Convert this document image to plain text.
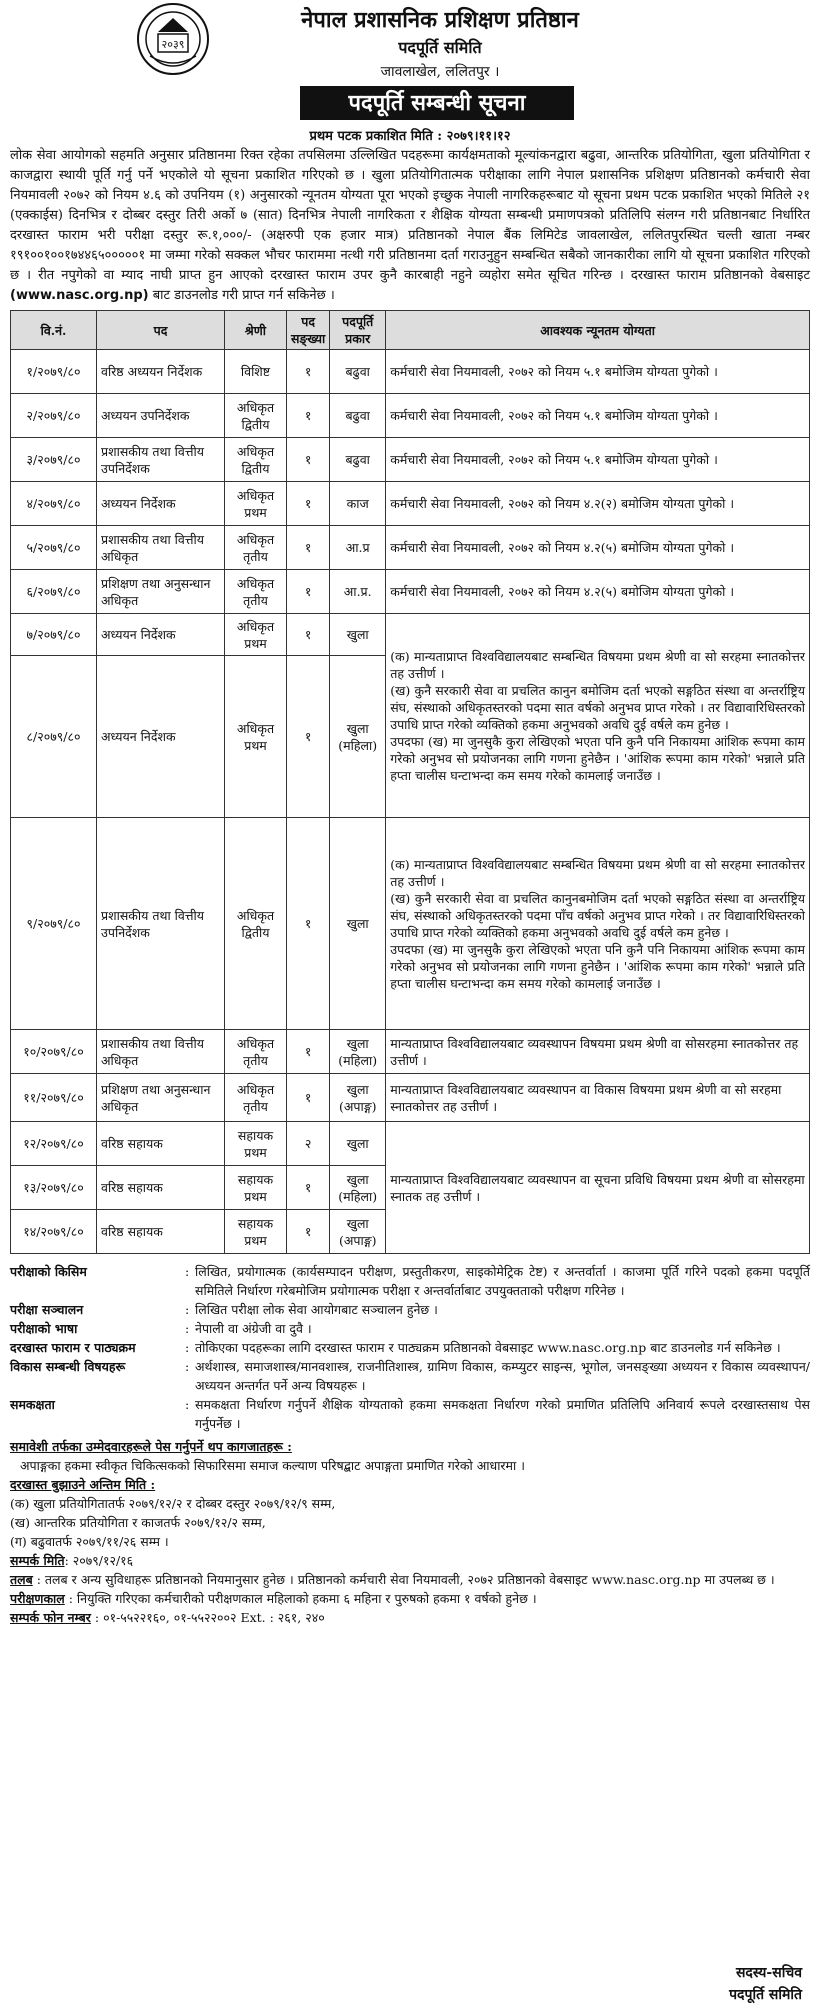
२०३९
नेपाल प्रशासनिक प्रशिक्षण प्रतिष्ठान
पदपूर्ति समिति
जावलाखेल, ललितपुर ।
पदपूर्ति सम्बन्धी सूचना
प्रथम पटक प्रकाशित मिति : २०७९।११।१२

लोक सेवा आयोगको सहमति अनुसार प्रतिष्ठानमा रिक्त रहेका तपसिलमा उल्लिखित पदहरूमा कार्यक्षमताको मूल्यांकनद्वारा बढुवा, आन्तरिक प्रतियोगिता, खुला प्रतियोगिता र काजद्वारा स्थायी पूर्ति गर्नु पर्ने भएकोले यो सूचना प्रकाशित गरिएको छ । खुला प्रतियोगितात्मक परीक्षाका लागि नेपाल प्रशासनिक प्रशिक्षण प्रतिष्ठानको कर्मचारी सेवा नियमावली २०७२ को नियम ४.६ को उपनियम (१) अनुसारको न्यूनतम योग्यता पूरा भएको इच्छुक नेपाली नागरिकहरूबाट यो सूचना प्रथम पटक प्रकाशित भएको मितिले २१ (एक्काईस) दिनभित्र र दोब्बर दस्तुर तिरी अर्को ७ (सात) दिनभित्र नेपाली नागरिकता र शैक्षिक योग्यता सम्बन्धी प्रमाणपत्रको प्रतिलिपि संलग्न गरी प्रतिष्ठानबाट निर्धारित दरखास्त फाराम भरी परीक्षा दस्तुर रू.१,०००/- (अक्षरुपी एक हजार मात्र) प्रतिष्ठानको नेपाल बैंक लिमिटेड जावलाखेल, ललितपुरस्थित चल्ती खाता नम्बर १९१००१००१७४४६५०००००१ मा जम्मा गरेको सक्कल भौचर फाराममा नत्थी गरी प्रतिष्ठानमा दर्ता गराउनुहुन सम्बन्धित सबैको जानकारीका लागि यो सूचना प्रकाशित गरिएको छ । रीत नपुगेको वा म्याद नाघी प्राप्त हुन आएको दरखास्त फाराम उपर कुनै कारबाही नहुने व्यहोरा समेत सूचित गरिन्छ । दरखास्त फाराम प्रतिष्ठानको वेबसाइट (www.nasc.org.np) बाट डाउनलोड गरी प्राप्त गर्न सकिनेछ ।

वि.नं.	पद	श्रेणी	पद सङ्ख्या	पदपूर्ति प्रकार	आवश्यक न्यूनतम योग्यता
१/२०७९/८०	वरिष्ठ अध्ययन निर्देशक	विशिष्ट	१	बढुवा	कर्मचारी सेवा नियमावली, २०७२ को नियम ५.१ बमोजिम योग्यता पुगेको ।
२/२०७९/८०	अध्ययन उपनिर्देशक	अधिकृत द्वितीय	१	बढुवा	कर्मचारी सेवा नियमावली, २०७२ को नियम ५.१ बमोजिम योग्यता पुगेको ।
३/२०७९/८०	प्रशासकीय तथा वित्तीय उपनिर्देशक	अधिकृत द्वितीय	१	बढुवा	कर्मचारी सेवा नियमावली, २०७२ को नियम ५.१ बमोजिम योग्यता पुगेको ।
४/२०७९/८०	अध्ययन निर्देशक	अधिकृत प्रथम	१	काज	कर्मचारी सेवा नियमावली, २०७२ को नियम ४.२(२) बमोजिम योग्यता पुगेको ।
५/२०७९/८०	प्रशासकीय तथा वित्तीय अधिकृत	अधिकृत तृतीय	१	आ.प्र	कर्मचारी सेवा नियमावली, २०७२ को नियम ४.२(५) बमोजिम योग्यता पुगेको ।
६/२०७९/८०	प्रशिक्षण तथा अनुसन्धान अधिकृत	अधिकृत तृतीय	१	आ.प्र.	कर्मचारी सेवा नियमावली, २०७२ को नियम ४.२(५) बमोजिम योग्यता पुगेको ।
७/२०७९/८०	अध्ययन निर्देशक	अधिकृत प्रथम	१	खुला	(क) मान्यताप्राप्त विश्वविद्यालयबाट सम्बन्धित विषयमा प्रथम श्रेणी वा सो सरहमा स्नातकोत्तर तह उत्तीर्ण ।
(ख) कुनै सरकारी सेवा वा प्रचलित कानुन बमोजिम दर्ता भएको सङ्गठित संस्था वा अन्तर्राष्ट्रिय संघ, संस्थाको अधिकृतस्तरको पदमा सात वर्षको अनुभव प्राप्त गरेको । तर विद्यावारिधिस्तरको उपाधि प्राप्त गरेको व्यक्तिको हकमा अनुभवको अवधि दुई वर्षले कम हुनेछ ।
उपदफा (ख) मा जुनसुकै कुरा लेखिएको भएता पनि कुनै पनि निकायमा आंशिक रूपमा काम गरेको अनुभव सो प्रयोजनका लागि गणना हुनेछैन । 'आंशिक रूपमा काम गरेको' भन्नाले प्रति हप्ता चालीस घन्टाभन्दा कम समय गरेको कामलाई जनाउँछ ।

८/२०७९/८०	अध्ययन निर्देशक	अधिकृत प्रथम	१	खुला (महिला)	
९/२०७९/८०	प्रशासकीय तथा वित्तीय उपनिर्देशक	अधिकृत द्वितीय	१	खुला	(क) मान्यताप्राप्त विश्वविद्यालयबाट सम्बन्धित विषयमा प्रथम श्रेणी वा सो सरहमा स्नातकोत्तर तह उत्तीर्ण ।
(ख) कुनै सरकारी सेवा वा प्रचलित कानुनबमोजिम दर्ता भएको सङ्गठित संस्था वा अन्तर्राष्ट्रिय संघ, संस्थाको अधिकृतस्तरको पदमा पाँच वर्षको अनुभव प्राप्त गरेको । तर विद्यावारिधिस्तरको उपाधि प्राप्त गरेको व्यक्तिको हकमा अनुभवको अवधि दुई वर्षले कम हुनेछ ।
उपदफा (ख) मा जुनसुकै कुरा लेखिएको भएता पनि कुनै पनि निकायमा आंशिक रूपमा काम गरेको अनुभव सो प्रयोजनका लागि गणना हुनेछैन । 'आंशिक रूपमा काम गरेको' भन्नाले प्रति हप्ता चालीस घन्टाभन्दा कम समय गरेको कामलाई जनाउँछ ।

१०/२०७९/८०	प्रशासकीय तथा वित्तीय अधिकृत	अधिकृत तृतीय	१	खुला (महिला)	मान्यताप्राप्त विश्वविद्यालयबाट व्यवस्थापन विषयमा प्रथम श्रेणी वा सोसरहमा स्नातकोत्तर तह उत्तीर्ण ।
११/२०७९/८०	प्रशिक्षण तथा अनुसन्धान अधिकृत	अधिकृत तृतीय	१	खुला (अपाङ्ग)	मान्यताप्राप्त विश्वविद्यालयबाट व्यवस्थापन वा विकास विषयमा प्रथम श्रेणी वा सो सरहमा स्नातकोत्तर तह उत्तीर्ण ।
१२/२०७९/८०	वरिष्ठ सहायक	सहायक प्रथम	२	खुला	मान्यताप्राप्त विश्वविद्यालयबाट व्यवस्थापन वा सूचना प्रविधि विषयमा प्रथम श्रेणी वा सोसरहमा स्नातक तह उत्तीर्ण ।
१३/२०७९/८०	वरिष्ठ सहायक	सहायक प्रथम	१	खुला (महिला)	
१४/२०७९/८०	वरिष्ठ सहायक	सहायक प्रथम	१	खुला (अपाङ्ग)	
परीक्षाको किसिम	: लिखित, प्रयोगात्मक (कार्यसम्पादन परीक्षण, प्रस्तुतीकरण, साइकोमेट्रिक टेष्ट) र अन्तर्वार्ता । काजमा पूर्ति गरिने पदको हकमा पदपूर्ति समितिले निर्धारण गरेबमोजिम प्रयोगात्मक परीक्षा र अन्तर्वार्ताबाट उपयुक्तताको परीक्षण गरिनेछ ।
परीक्षा सञ्चालन	: लिखित परीक्षा लोक सेवा आयोगबाट सञ्चालन हुनेछ ।
परीक्षाको भाषा	: नेपाली वा अंग्रेजी वा दुवै ।
दरखास्त फाराम र पाठ्यक्रम	: तोकिएका पदहरूका लागि दरखास्त फाराम र पाठ्यक्रम प्रतिष्ठानको वेबसाइट www.nasc.org.np बाट डाउनलोड गर्न सकिनेछ ।
विकास सम्बन्धी विषयहरू	: अर्थशास्त्र, समाजशास्त्र/मानवशास्त्र, राजनीतिशास्त्र, ग्रामिण विकास, कम्प्युटर साइन्स, भूगोल, जनसङ्ख्या अध्ययन र विकास व्यवस्थापन/अध्ययन अन्तर्गत पर्ने अन्य विषयहरू ।
समकक्षता	: समकक्षता निर्धारण गर्नुपर्ने शैक्षिक योग्यताको हकमा समकक्षता निर्धारण गरेको प्रमाणित प्रतिलिपि अनिवार्य रूपले दरखास्तसाथ पेस गर्नुपर्नेछ ।
समावेशी तर्फका उम्मेदवारहरूले पेस गर्नुपर्ने थप कागजातहरू :
अपाङ्गका हकमा स्वीकृत चिकित्सकको सिफारिसमा समाज कल्याण परिषद्बाट अपाङ्गता प्रमाणित गरेको आधारमा ।
दरखास्त बुझाउने अन्तिम मिति :
(क) खुला प्रतियोगितातर्फ २०७९/१२/२ र दोब्बर दस्तुर २०७९/१२/९ सम्म,
(ख) आन्तरिक प्रतियोगिता र काजतर्फ २०७९/१२/२ सम्म,
(ग) बढुवातर्फ २०७९/११/२६ सम्म ।
सम्पर्क मिति: २०७९/१२/१६
तलब : तलब र अन्य सुविधाहरू प्रतिष्ठानको नियमानुसार हुनेछ । प्रतिष्ठानको कर्मचारी सेवा नियमावली, २०७२ प्रतिष्ठानको वेबसाइट www.nasc.org.np मा उपलब्ध छ ।
परीक्षणकाल : नियुक्ति गरिएका कर्मचारीको परीक्षणकाल महिलाको हकमा ६ महिना र पुरुषको हकमा १ वर्षको हुनेछ ।
सम्पर्क फोन नम्बर : ०१-५५२२१६०, ०१-५५२२००२ Ext. : २६१, २४०
सदस्य-सचिव
पदपूर्ति समिति
